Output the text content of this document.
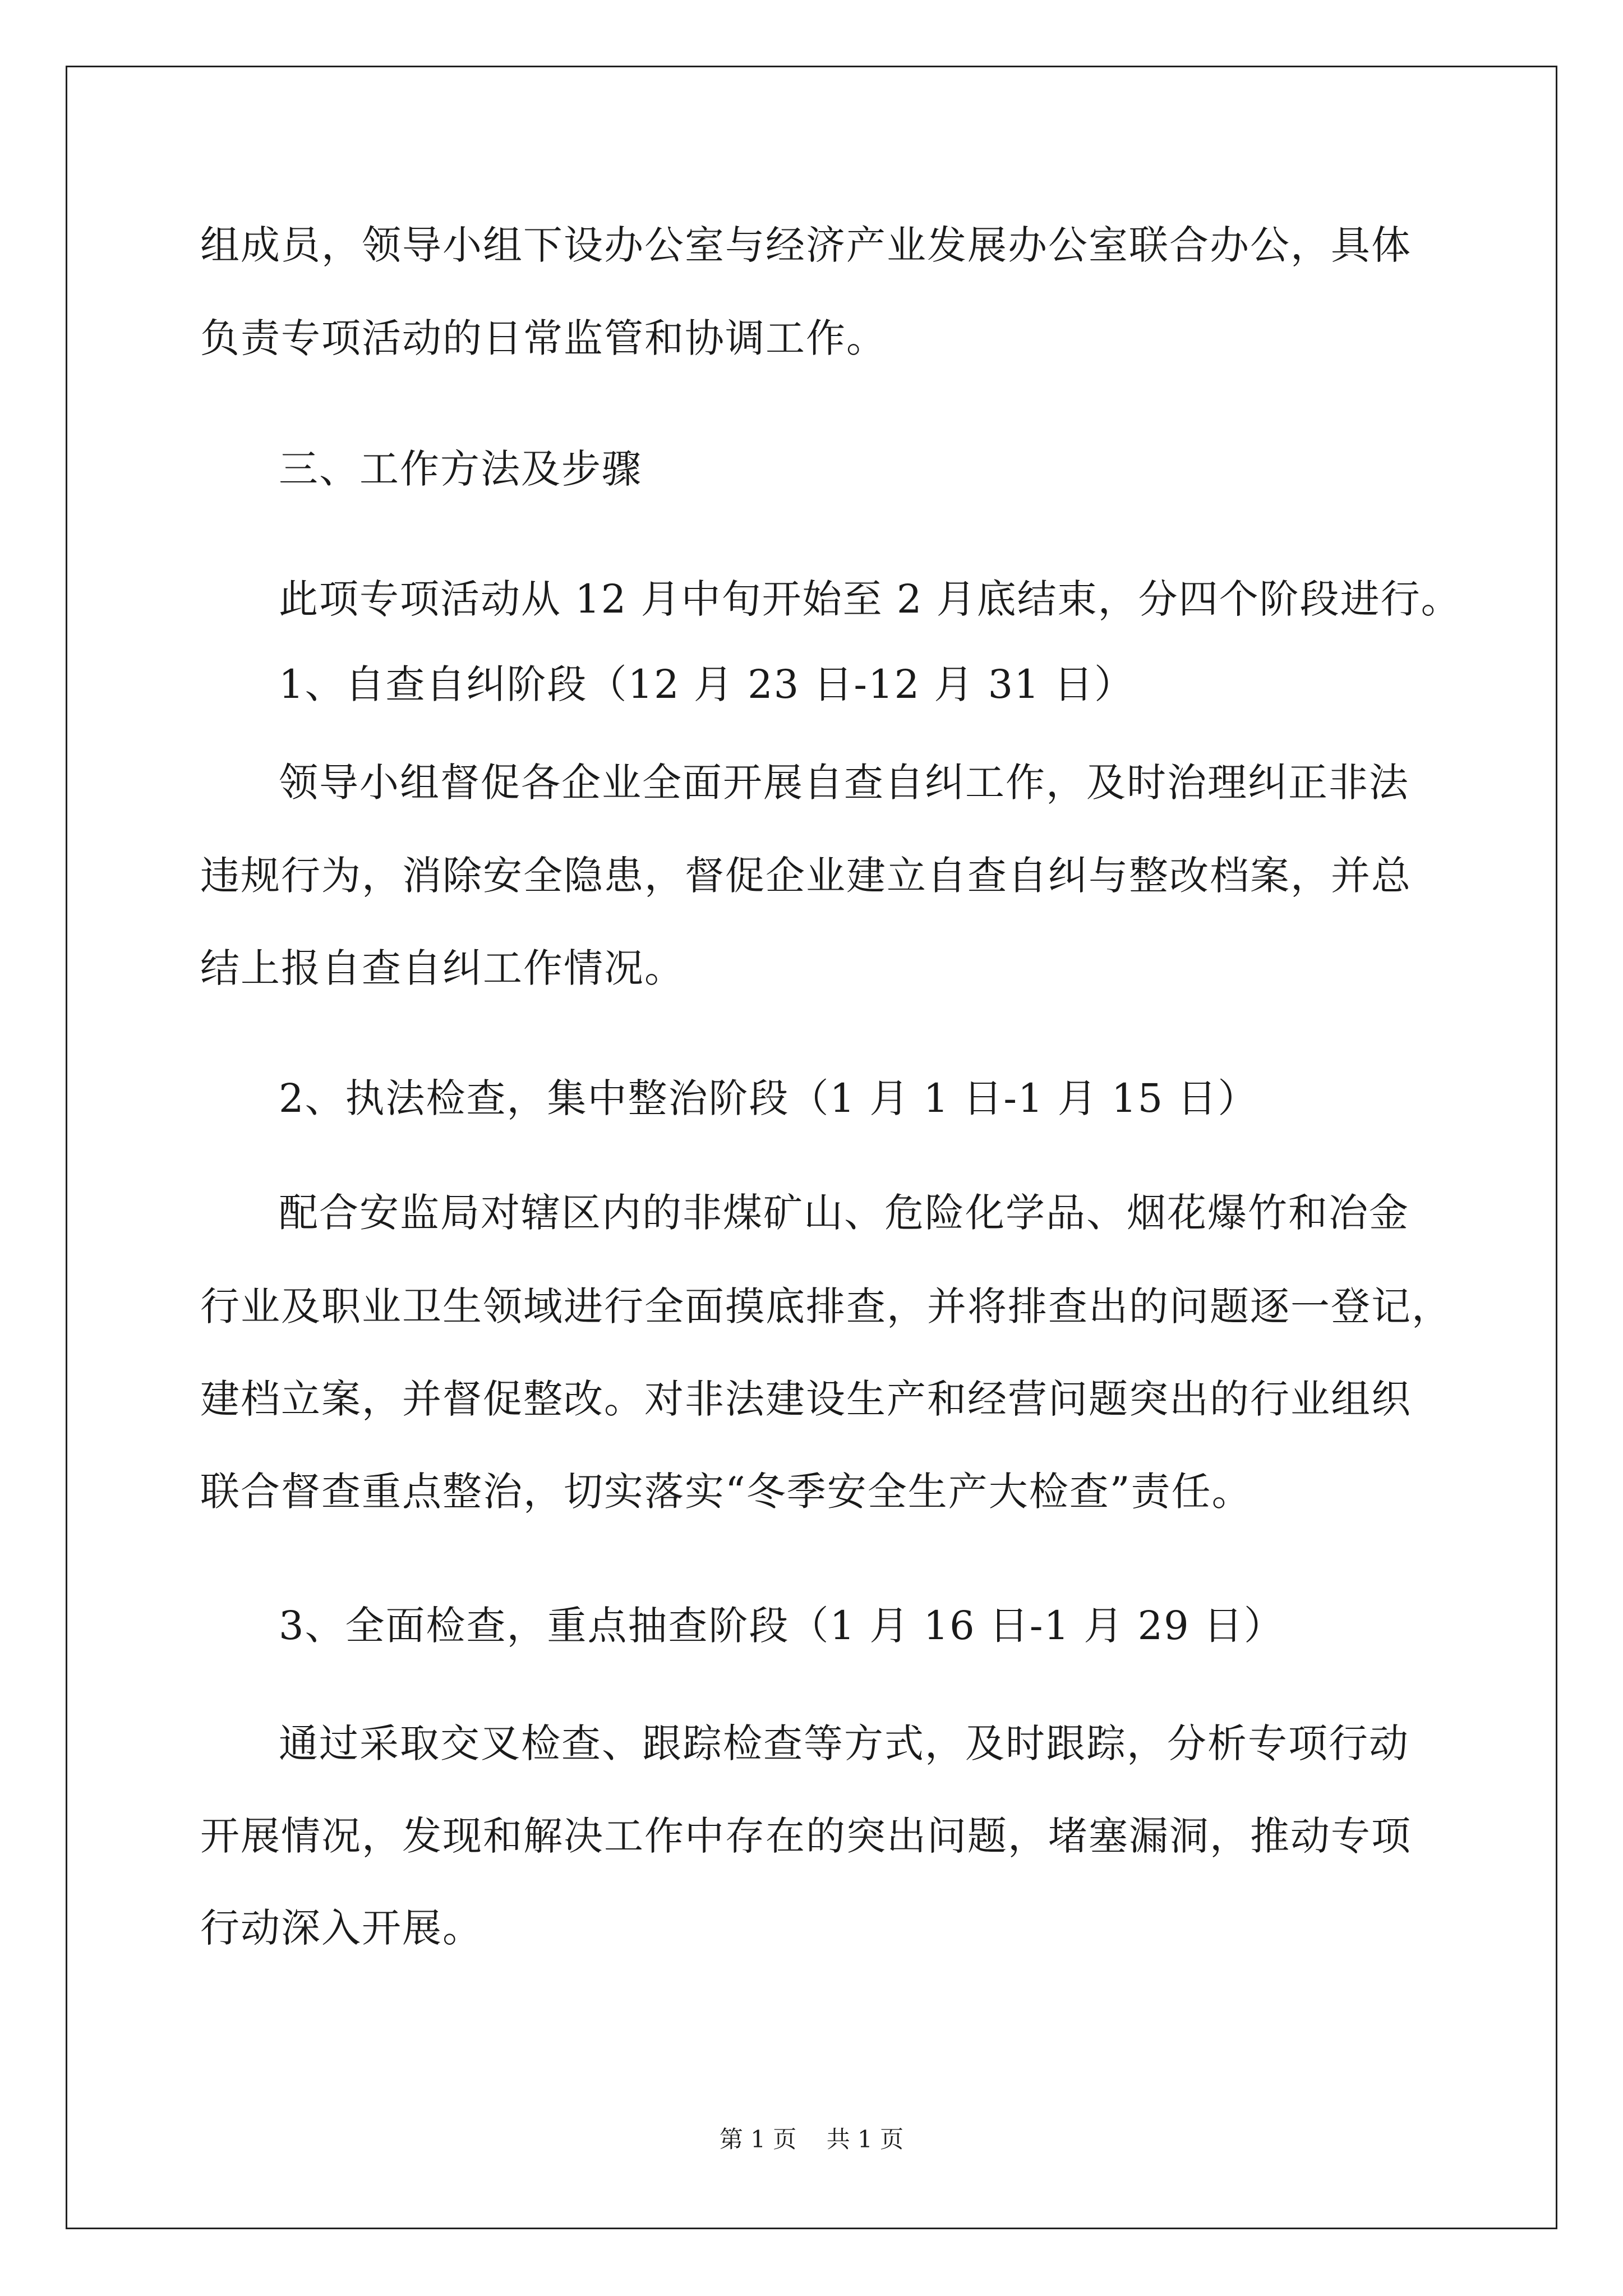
组成员，领导小组下设办公室与经济产业发展办公室联合办公，具体
负责专项活动的日常监管和协调工作。
三、工作方法及步骤
此项专项活动从 12 月中旬开始至 2 月底结束，分四个阶段进行。
1、自查自纠阶段（12 月 23 日-12 月 31 日）
领导小组督促各企业全面开展自查自纠工作，及时治理纠正非法
违规行为，消除安全隐患，督促企业建立自查自纠与整改档案，并总
结上报自查自纠工作情况。
2、执法检查，集中整治阶段（1 月 1 日-1 月 15 日）
配合安监局对辖区内的非煤矿山、危险化学品、烟花爆竹和冶金
行业及职业卫生领域进行全面摸底排查，并将排查出的问题逐一登记，
建档立案，并督促整改。对非法建设生产和经营问题突出的行业组织
联合督查重点整治，切实落实“冬季安全生产大检查”责任。
3、全面检查，重点抽查阶段（1 月 16 日-1 月 29 日）
通过采取交叉检查、跟踪检查等方式，及时跟踪，分析专项行动
开展情况，发现和解决工作中存在的突出问题，堵塞漏洞，推动专项
行动深入开展。
第 1 页    共 1 页
